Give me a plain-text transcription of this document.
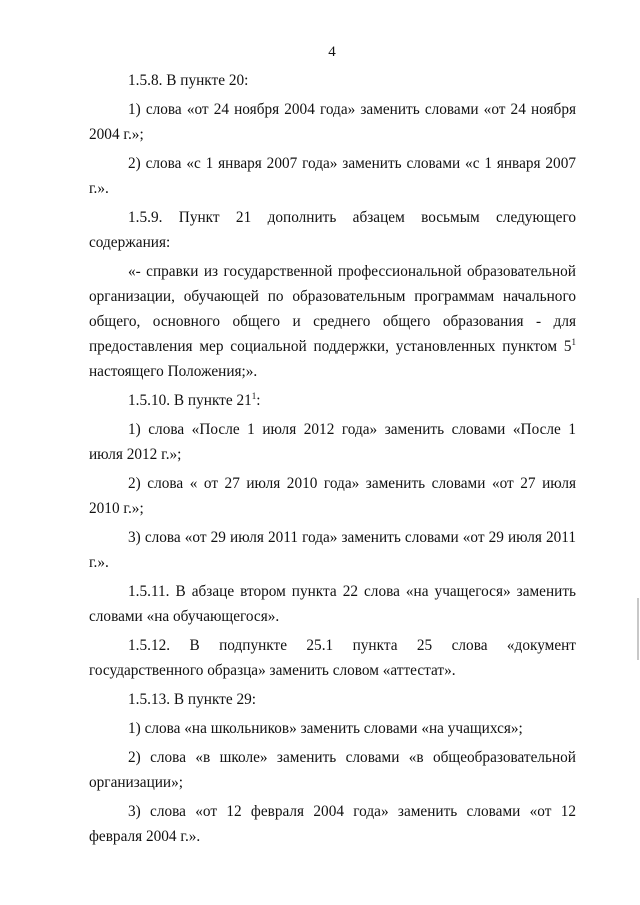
4

1.5.8. В пункте 20:

1) слова «от 24 ноября 2004 года» заменить словами «от 24 ноября 2004 г.»;

2) слова «с 1 января 2007 года» заменить словами «с 1 января 2007 г.».

1.5.9. Пункт 21 дополнить абзацем восьмым следующего содержания:

«- справки из государственной профессиональной образовательной организации, обучающей по образовательным программам начального общего, основного общего и среднего общего образования - для предоставления мер социальной поддержки, установленных пунктом $5^1$ настоящего Положения;».

1.5.10. В пункте $21^1$:

1) слова «После 1 июля 2012 года» заменить словами «После 1 июля 2012 г.»;

2) слова « от 27 июля 2010 года» заменить словами «от 27 июля 2010 г.»;

3) слова «от 29 июля 2011 года» заменить словами «от 29 июля 2011 г.».

1.5.11. В абзаце втором пункта 22 слова «на учащегося» заменить словами «на обучающегося».

1.5.12. В подпункте 25.1 пункта 25 слова «документ государственного образца» заменить словом «аттестат».

1.5.13. В пункте 29:

1) слова «на школьников» заменить словами «на учащихся»;

2) слова «в школе» заменить словами «в общеобразовательной организации»;

3) слова «от 12 февраля 2004 года» заменить словами «от 12 февраля 2004 г.».
